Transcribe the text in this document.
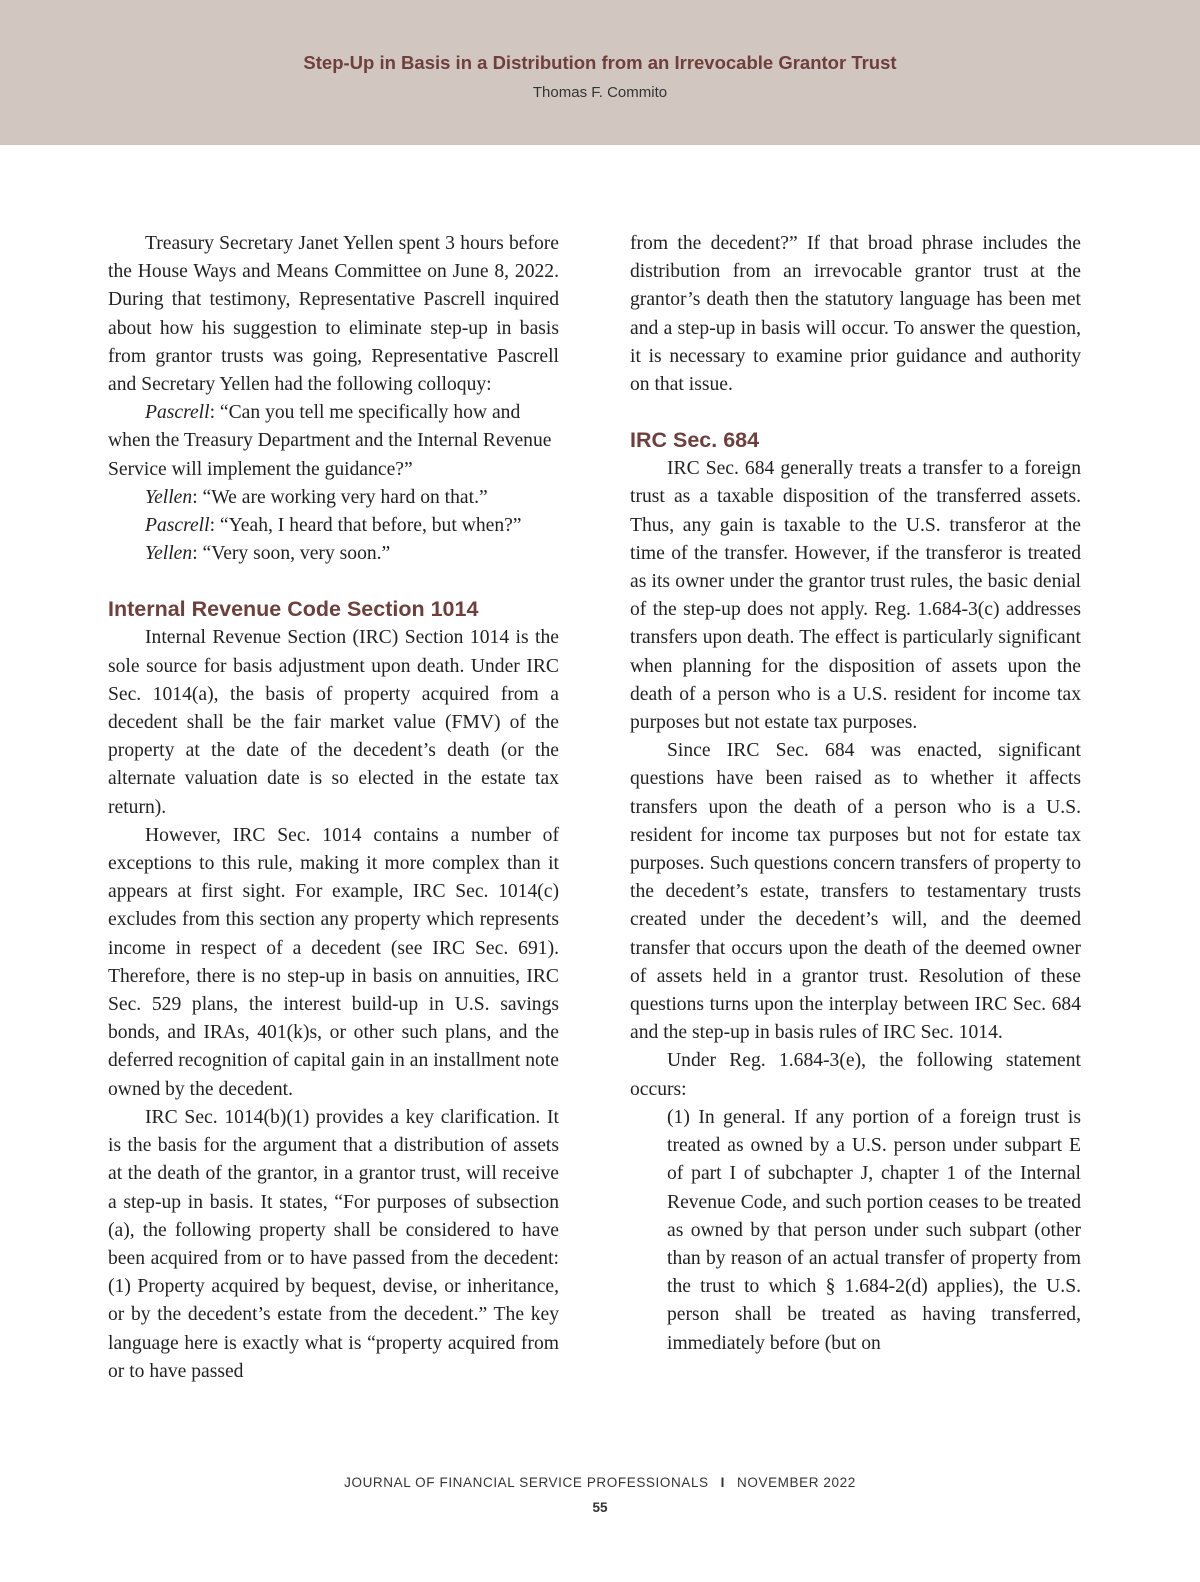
Step-Up in Basis in a Distribution from an Irrevocable Grantor Trust
Thomas F. Commito

Treasury Secretary Janet Yellen spent 3 hours before the House Ways and Means Committee on June 8, 2022. During that testimony, Representative Pascrell inquired about how his suggestion to eliminate step-up in basis from grantor trusts was going, Representative Pascrell and Secretary Yellen had the following colloquy:

Pascrell: “Can you tell me specifically how and when the Treasury Department and the Internal Revenue Service will implement the guidance?”

Yellen: “We are working very hard on that.”

Pascrell: “Yeah, I heard that before, but when?”

Yellen: “Very soon, very soon.”

Internal Revenue Code Section 1014

Internal Revenue Section (IRC) Section 1014 is the sole source for basis adjustment upon death. Under IRC Sec. 1014(a), the basis of property acquired from a decedent shall be the fair market value (FMV) of the property at the date of the decedent’s death (or the alternate valuation date is so elected in the estate tax return).

However, IRC Sec. 1014 contains a number of exceptions to this rule, making it more complex than it appears at first sight. For example, IRC Sec. 1014(c) excludes from this section any property which represents income in respect of a decedent (see IRC Sec. 691). Therefore, there is no step-up in basis on annuities, IRC Sec. 529 plans, the interest build-up in U.S. savings bonds, and IRAs, 401(k)s, or other such plans, and the deferred recognition of capital gain in an installment note owned by the decedent.

IRC Sec. 1014(b)(1) provides a key clarification. It is the basis for the argument that a distribution of assets at the death of the grantor, in a grantor trust, will receive a step-up in basis. It states, “For purposes of subsection (a), the following property shall be considered to have been acquired from or to have passed from the decedent: (1) Property acquired by bequest, devise, or inheritance, or by the decedent’s estate from the decedent.” The key language here is exactly what is “property acquired from or to have passed

from the decedent?” If that broad phrase includes the distribution from an irrevocable grantor trust at the grantor’s death then the statutory language has been met and a step-up in basis will occur. To answer the question, it is necessary to examine prior guidance and authority on that issue.

IRC Sec. 684

IRC Sec. 684 generally treats a transfer to a foreign trust as a taxable disposition of the transferred assets. Thus, any gain is taxable to the U.S. transferor at the time of the transfer. However, if the transferor is treated as its owner under the grantor trust rules, the basic denial of the step-up does not apply. Reg. 1.684-3(c) addresses transfers upon death. The effect is particularly significant when planning for the disposition of assets upon the death of a person who is a U.S. resident for income tax purposes but not estate tax purposes.

Since IRC Sec. 684 was enacted, significant questions have been raised as to whether it affects transfers upon the death of a person who is a U.S. resident for income tax purposes but not for estate tax purposes. Such questions concern transfers of property to the decedent’s estate, transfers to testamentary trusts created under the decedent’s will, and the deemed transfer that occurs upon the death of the deemed owner of assets held in a grantor trust. Resolution of these questions turns upon the interplay between IRC Sec. 684 and the step-up in basis rules of IRC Sec. 1014.

Under Reg. 1.684-3(e), the following statement occurs:

(1) In general. If any portion of a foreign trust is treated as owned by a U.S. person under subpart E of part I of subchapter J, chapter 1 of the Internal Revenue Code, and such portion ceases to be treated as owned by that person under such subpart (other than by reason of an actual transfer of property from the trust to which § 1.684-2(d) applies), the U.S. person shall be treated as having transferred, immediately before (but on

JOURNAL OF FINANCIAL SERVICE PROFESSIONALS I NOVEMBER 2022
55
